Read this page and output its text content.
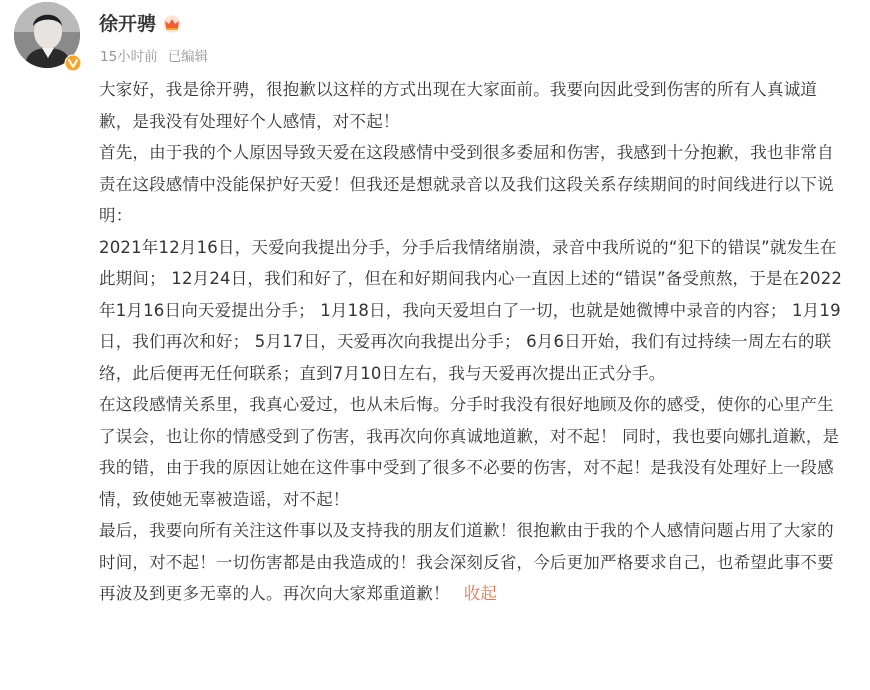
徐开骋
15小时前 已编辑

大家好，我是徐开骋，很抱歉以这样的方式出现在大家面前。我要向因此受到伤害的所有人真诚道歉，是我没有处理好个人感情，对不起！

首先，由于我的个人原因导致天爱在这段感情中受到很多委屈和伤害，我感到十分抱歉，我也非常自责在这段感情中没能保护好天爱！但我还是想就录音以及我们这段关系存续期间的时间线进行以下说明：

2021年12月16日，天爱向我提出分手，分手后我情绪崩溃，录音中我所说的“犯下的错误”就发生在此期间； 12月24日，我们和好了，但在和好期间我内心一直因上述的“错误”备受煎熬，于是在2022年1月16日向天爱提出分手； 1月18日，我向天爱坦白了一切，也就是她微博中录音的内容； 1月19日，我们再次和好； 5月17日，天爱再次向我提出分手； 6月6日开始，我们有过持续一周左右的联络，此后便再无任何联系；直到7月10日左右，我与天爱再次提出正式分手。

在这段感情关系里，我真心爱过，也从未后悔。分手时我没有很好地顾及你的感受，使你的心里产生了误会，也让你的情感受到了伤害，我再次向你真诚地道歉，对不起！ 同时，我也要向娜扎道歉，是我的错，由于我的原因让她在这件事中受到了很多不必要的伤害，对不起！是我没有处理好上一段感情，致使她无辜被造谣，对不起！

最后，我要向所有关注这件事以及支持我的朋友们道歉！很抱歉由于我的个人感情问题占用了大家的时间，对不起！一切伤害都是由我造成的！我会深刻反省，今后更加严格要求自己，也希望此事不要再波及到更多无辜的人。再次向大家郑重道歉！ 收起
